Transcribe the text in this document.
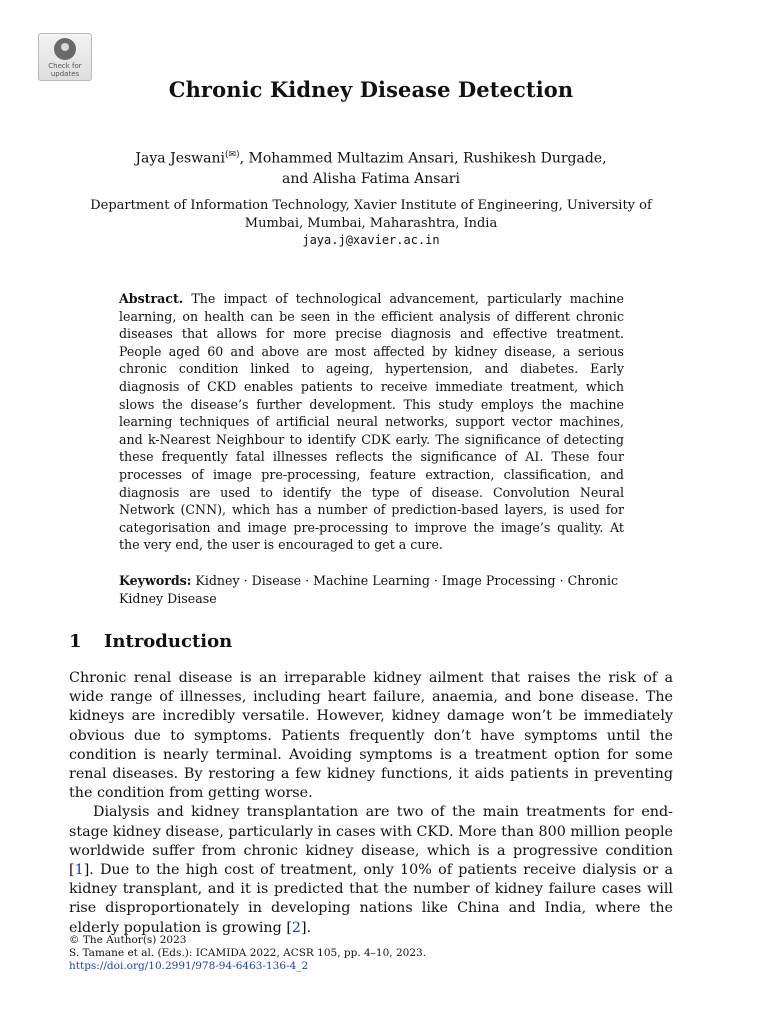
Check for
updates
Chronic Kidney Disease Detection
Jaya Jeswani(✉), Mohammed Multazim Ansari, Rushikesh Durgade,
and Alisha Fatima Ansari
Department of Information Technology, Xavier Institute of Engineering, University of Mumbai, Mumbai, Maharashtra, India
jaya.j@xavier.ac.in
Abstract. The impact of technological advancement, particularly machine learning, on health can be seen in the efficient analysis of different chronic diseases that allows for more precise diagnosis and effective treatment. People aged 60 and above are most affected by kidney disease, a serious chronic condition linked to ageing, hypertension, and diabetes. Early diagnosis of CKD enables patients to receive immediate treatment, which slows the disease’s further development. This study employs the machine learning techniques of artificial neural networks, support vector machines, and k-Nearest Neighbour to identify CDK early. The significance of detecting these frequently fatal illnesses reflects the significance of AI. These four processes of image pre-processing, feature extraction, classification, and diagnosis are used to identify the type of disease. Convolution Neural Network (CNN), which has a number of prediction-based layers, is used for categorisation and image pre-processing to improve the image’s quality. At the very end, the user is encouraged to get a cure.
Keywords: Kidney · Disease · Machine Learning · Image Processing · Chronic Kidney Disease
1 Introduction

Chronic renal disease is an irreparable kidney ailment that raises the risk of a wide range of illnesses, including heart failure, anaemia, and bone disease. The kidneys are incredibly versatile. However, kidney damage won’t be immediately obvious due to symptoms. Patients frequently don’t have symptoms until the condition is nearly terminal. Avoiding symptoms is a treatment option for some renal diseases. By restoring a few kidney functions, it aids patients in preventing the condition from getting worse.

Dialysis and kidney transplantation are two of the main treatments for end-stage kidney disease, particularly in cases with CKD. More than 800 million people worldwide suffer from chronic kidney disease, which is a progressive condition [1]. Due to the high cost of treatment, only 10% of patients receive dialysis or a kidney transplant, and it is predicted that the number of kidney failure cases will rise disproportionately in developing nations like China and India, where the elderly population is growing [2].

© The Author(s) 2023
S. Tamane et al. (Eds.): ICAMIDA 2022, ACSR 105, pp. 4–10, 2023.
https://doi.org/10.2991/978-94-6463-136-4_2
